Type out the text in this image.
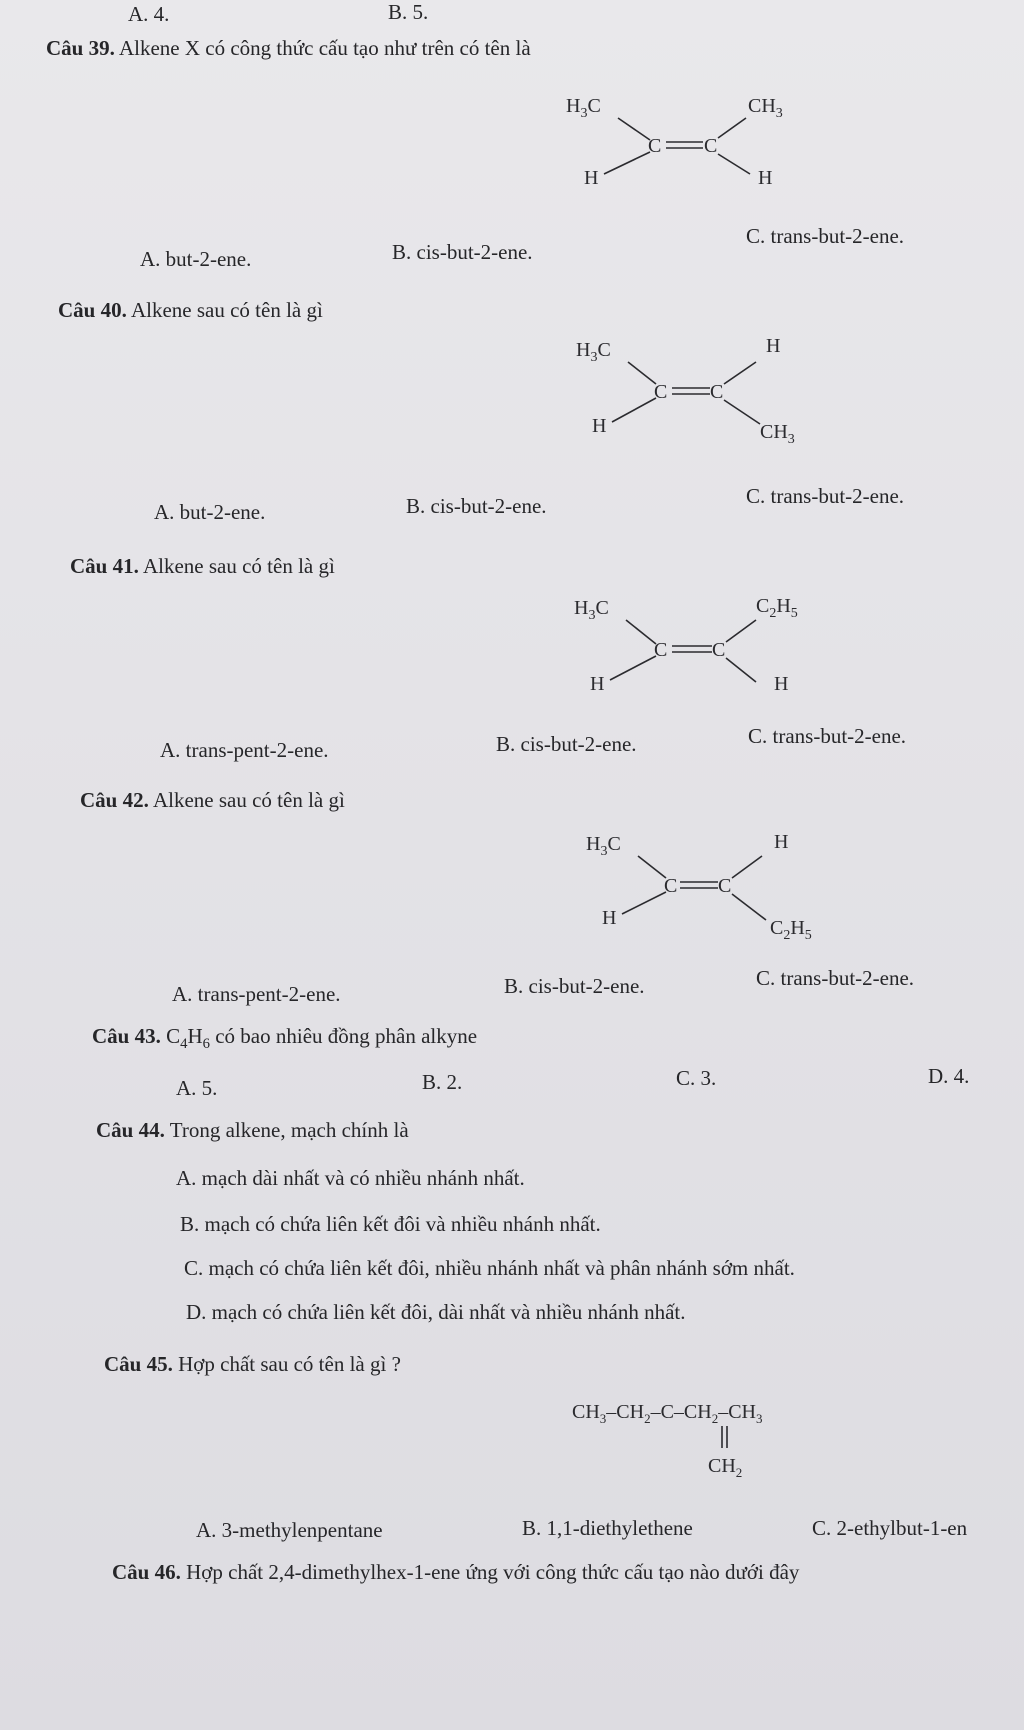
A. 4.	B. 5.
Câu 39. Alkene X có công thức cấu tạo như trên có tên là
$H_3C$
H
C C
$CH_3$
H
A. but-2-ene.	B. cis-but-2-ene.
C. trans-but-2-ene.
Câu 40. Alkene sau có tên là gì
$H_3C$
H
C C
H
$CH_3$
A. but-2-ene.	B. cis-but-2-ene.	C. trans-but-2-ene.
Câu 41. Alkene sau có tên là gì
$H_3C$
H
C C
$C_2H_5$
H
A. trans-pent-2-ene.	B. cis-but-2-ene.	C. trans-but-2-ene.
Câu 42. Alkene sau có tên là gì
$H_3C$
H
C C
H
$C_2H_5$
A. trans-pent-2-ene.	B. cis-but-2-ene.	C. trans-but-2-ene.
Câu 43. $C_4H_6$ có bao nhiêu đồng phân alkyne
A. 5.	B. 2.	C. 3.	D. 4.
Câu 44. Trong alkene, mạch chính là
A. mạch dài nhất và có nhiều nhánh nhất.
B. mạch có chứa liên kết đôi và nhiều nhánh nhất.
C. mạch có chứa liên kết đôi, nhiều nhánh nhất và phân nhánh sớm nhất.
D. mạch có chứa liên kết đôi, dài nhất và nhiều nhánh nhất.
Câu 45. Hợp chất sau có tên là gì ?
$CH_3-CH_2-C-CH_2-CH_3$
$CH_2$
A. 3-methylenpentane	B. 1,1-diethylethene	C. 2-ethylbut-1-en
Câu 46. Hợp chất 2,4-dimethylhex-1-ene ứng với công thức cấu tạo nào dưới đây
